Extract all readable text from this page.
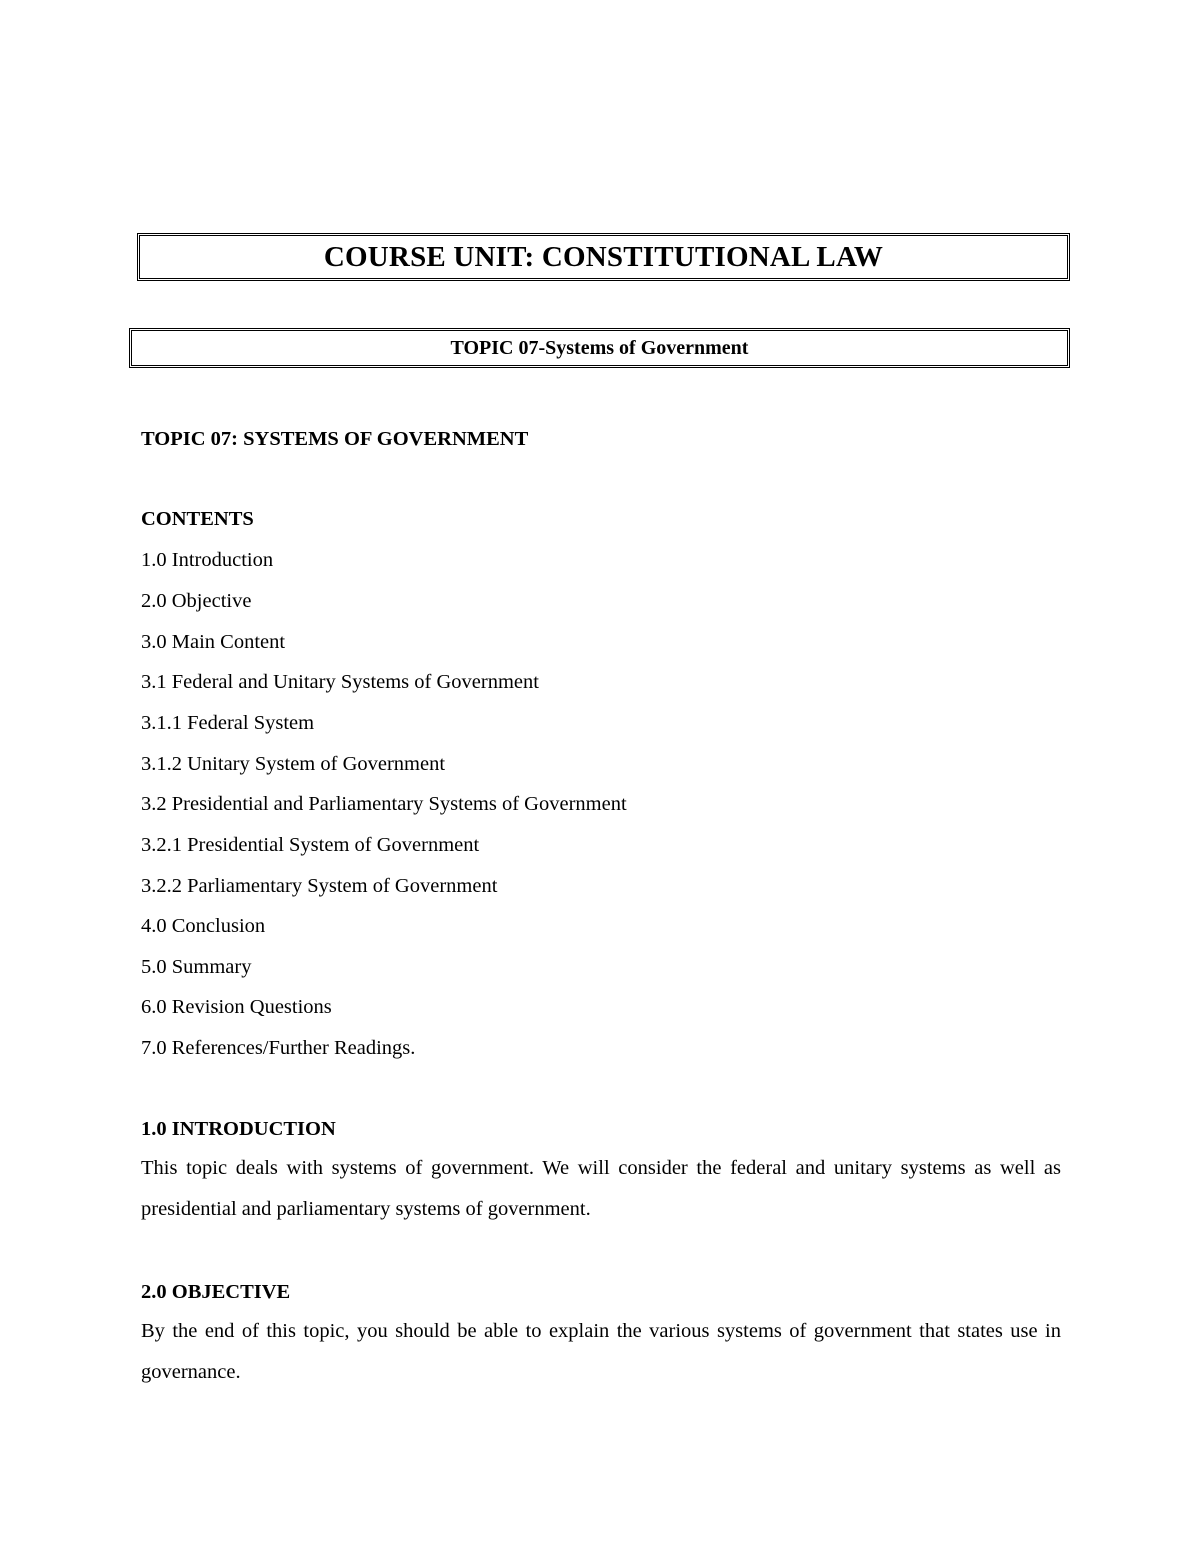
COURSE UNIT: CONSTITUTIONAL LAW
TOPIC 07-Systems of Government
TOPIC 07: SYSTEMS OF GOVERNMENT
CONTENTS
1.0 Introduction
2.0 Objective
3.0 Main Content
3.1 Federal and Unitary Systems of Government
3.1.1 Federal System
3.1.2 Unitary System of Government
3.2 Presidential and Parliamentary Systems of Government
3.2.1 Presidential System of Government
3.2.2 Parliamentary System of Government
4.0 Conclusion
5.0 Summary
6.0 Revision Questions
7.0 References/Further Readings.
1.0 INTRODUCTION
This topic deals with systems of government. We will consider the federal and unitary systems as well as presidential and parliamentary systems of government.
2.0 OBJECTIVE
By the end of this topic, you should be able to explain the various systems of government that states use in governance.
